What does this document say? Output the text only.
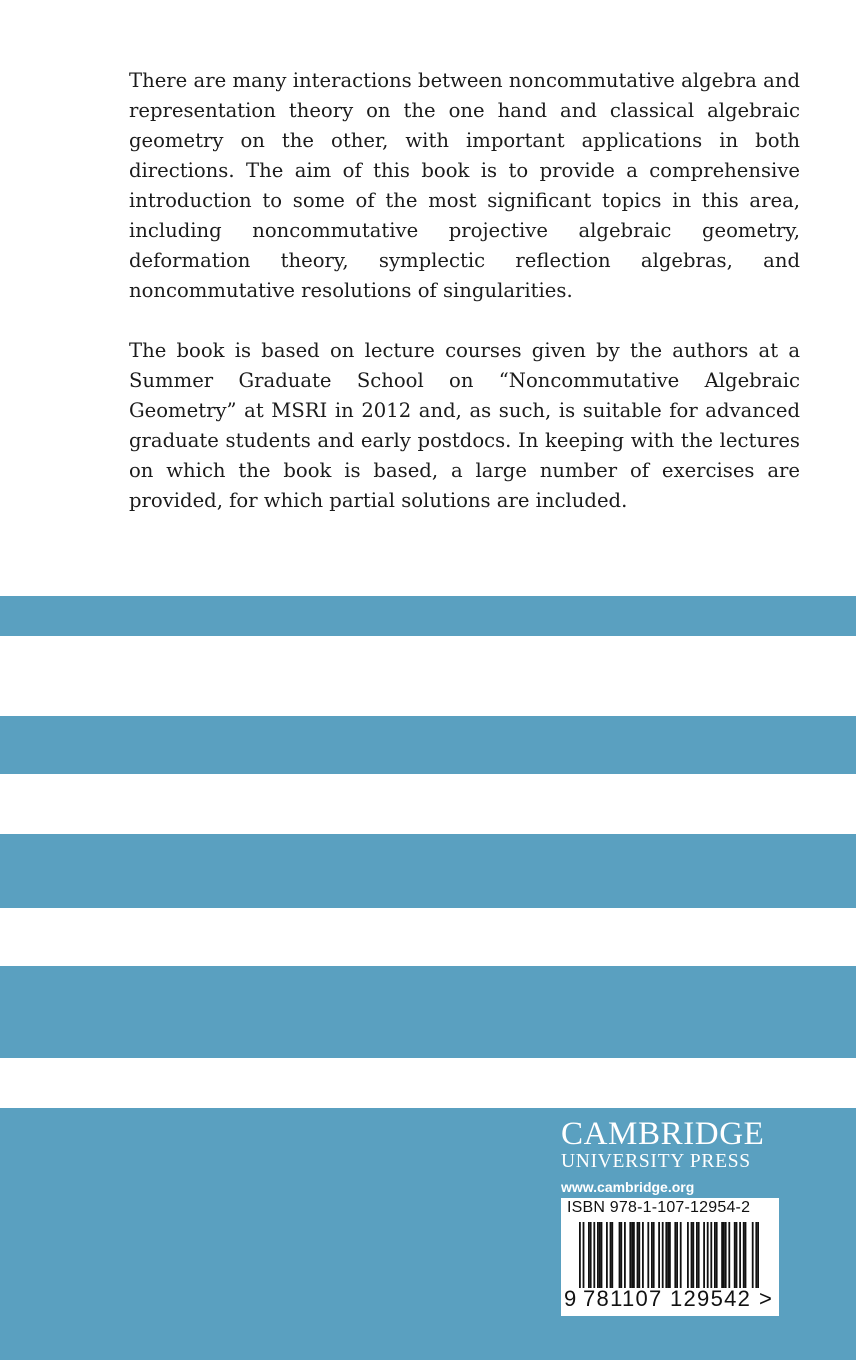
There are many interactions between noncommutative algebra and representation theory on the one hand and classical algebraic geometry on the other, with important applications in both directions. The aim of this book is to provide a comprehensive introduction to some of the most significant topics in this area, including noncommutative projective algebraic geometry, deformation theory, symplectic reflection algebras, and noncommutative resolutions of singularities.

The book is based on lecture courses given by the authors at a Summer Graduate School on “Noncommutative Algebraic Geometry” at MSRI in 2012 and, as such, is suitable for advanced graduate students and early postdocs. In keeping with the lectures on which the book is based, a large number of exercises are provided, for which partial solutions are included.

CAMBRIDGE
UNIVERSITY PRESS
www.cambridge.org
ISBN 978-1-107-12954-2
9 781107 129542 >
